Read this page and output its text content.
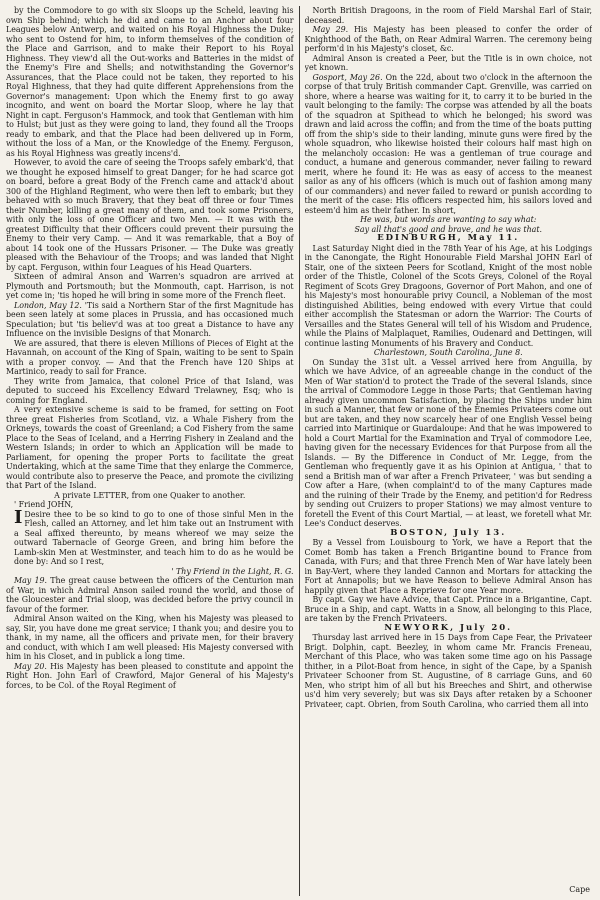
by the Commodore to go with six Sloops up the Scheld, leaving his own Ship behind; which he did and came to an Anchor about four Leagues below Antwerp, and waited on his Royal Highness the Duke; who sent to Ostend for him, to inform themselves of the condition of the Place and Garrison, and to make their Report to his Royal Highness. They view'd all the Out-works and Batteries in the midst of the Enemy's Fire and Shells; and notwithstanding the Governor's Assurances, that the Place could not be taken, they reported to his Royal Highness, that they had quite different Apprehensions from the Governor's management: Upon which the Enemy first to go away incognito, and went on board the Mortar Sloop, where he lay that Night in capt. Ferguson's Hammock, and took that Gentleman with him to Hulst; but just as they were going to land, they found all the Troops ready to embark, and that the Place had been delivered up in Form, without the loss of a Man, or the Knowledge of the Enemy. Ferguson, as his Royal Highness was greatly incens'd.

However, to avoid the care of seeing the Troops safely embark'd, that we thought he exposed himself to great Danger; for he had scarce got on board, before a great Body of the French came and attack'd about 300 of the Highland Regiment, who were then left to embark; but they behaved with so much Bravery, that they beat off three or four Times their Number, killing a great many of them, and took some Prisoners, with only the loss of one Officer and two Men. — It was with the greatest Difficulty that their Officers could prevent their pursuing the Enemy to their very Camp. — And it was remarkable, that a Boy of about 14 took one of the Hussars Prisoner. — The Duke was greatly pleased with the Behaviour of the Troops; and was landed that Night by capt. Ferguson, within four Leagues of his Head Quarters.

Sixteen of admiral Anson and Warren's squadron are arrived at Plymouth and Portsmouth; but the Monmouth, capt. Harrison, is not yet come in; 'tis hoped he will bring in some more of the French fleet.

London, May 12. 'Tis said a Northern Star of the first Magnitude has been seen lately at some places in Prussia, and has occasioned much Speculation; but 'tis believ'd was at too great a Distance to have any Influence on the invisible Designs of that Monarch.

We are assured, that there is eleven Millions of Pieces of Eight at the Havannah, on account of the King of Spain, waiting to be sent to Spain with a proper convoy. — And that the French have 120 Ships at Martinico, ready to sail for France.

They write from Jamaica, that colonel Price of that Island, was deputed to succeed his Excellency Edward Trelawney, Esq; who is coming for England.

A very extensive scheme is said to be framed, for setting on Foot three great Fisheries from Scotland, viz. a Whale Fishery from the Orkneys, towards the coast of Greenland; a Cod Fishery from the same Place to the Seas of Iceland, and a Herring Fishery in Zealand and the Western Islands; in order to which an Application will be made to Parliament, for opening the proper Ports to facilitate the great Undertaking, which at the same Time that they enlarge the Commerce, would contribute also to preserve the Peace, and promote the civilizing that Part of the Island.

A private LETTER, from one Quaker to another.

' Friend JOHN,

I Desire thee to be so kind to go to one of those sinful Men in the Flesh, called an Attorney, and let him take out an Instrument with a Seal affixed thereunto, by means whereof we may seize the outward Tabernacle of George Green, and bring him before the Lamb-skin Men at Westminster, and teach him to do as he would be done by: And so I rest,

' Thy Friend in the Light, R. G.

May 19. The great cause between the officers of the Centurion man of War, in which Admiral Anson sailed round the world, and those of the Gloucester and Trial sloop, was decided before the privy council in favour of the former.

Admiral Anson waited on the King, when his Majesty was pleased to say, Sir, you have done me great service; I thank you; and desire you to thank, in my name, all the officers and private men, for their bravery and conduct, with which I am well pleased: His Majesty conversed with him in his Closet, and in publick a long time.

May 20. His Majesty has been pleased to constitute and appoint the Right Hon. John Earl of Crawford, Major General of his Majesty's forces, to be Col. of the Royal Regiment of

North British Dragoons, in the room of Field Marshal Earl of Stair, deceased.

May 29. His Majesty has been pleased to confer the order of Knighthood of the Bath, on Rear Admiral Warren. The ceremony being perform'd in his Majesty's closet, &c.

Admiral Anson is created a Peer, but the Title is in own choice, not yet known.

Gosport, May 26. On the 22d, about two o'clock in the afternoon the corpse of that truly British commander Capt. Grenville, was carried on shore, where a hearse was waiting for it, to carry it to be buried in the vault belonging to the family: The corpse was attended by all the boats of the squadron at Spithead to which he belonged; his sword was drawn and laid across the coffin; and from the time of the boats putting off from the ship's side to their landing, minute guns were fired by the whole squadron, who likewise hoisted their colours half mast high on the melancholy occasion: He was a gentleman of true courage and conduct, a humane and generous commander, never failing to reward merit, where he found it: He was as easy of access to the meanest sailor as any of his officers (which is much out of fashion among many of our commanders) and never failed to reward or punish according to the merit of the case: His officers respected him, his sailors loved and esteem'd him as their father. In short,

He was, but words are wanting to say what:

Say all that's good and brave, and he was that.

EDINBURGH, May 11.

Last Saturday Night died in the 78th Year of his Age, at his Lodgings in the Canongate, the Right Honourable Field Marshal JOHN Earl of Stair, one of the sixteen Peers for Scotland, Knight of the most noble order of the Thistle, Colonel of the Scots Greys, Colonel of the Royal Regiment of Scots Grey Dragoons, Governor of Port Mahon, and one of his Majesty's most honourable privy Council, a Nobleman of the most distinguished Abilities, being endowed with every Virtue that could either accomplish the Statesman or adorn the Warrior: The Courts of Versailles and the States General will tell of his Wisdom and Prudence, while the Plains of Malplaquet, Ramilies, Oudenard and Dettingen, will continue lasting Monuments of his Bravery and Conduct.

Charlestown, South Carolina, June 8.

On Sunday the 31st ult. a Vessel arrived here from Anguilla, by which we have Advice, of an agreeable change in the conduct of the Men of War station'd to protect the Trade of the several Islands, since the arrival of Commodore Legge in those Parts; that Gentleman having already given uncommon Satisfaction, by placing the Ships under him in such a Manner, that few or none of the Enemies Privateers come out but are taken, and they now scarcely hear of one English Vessel being carried into Martinique or Guardaloupe: And that he was impowered to hold a Court Martial for the Examination and Tryal of commodore Lee, having given for the necessary Evidences for that Purpose from all the Islands. — By the Difference in Conduct of Mr. Legge, from the Gentleman who frequently gave it as his Opinion at Antigua, ' that to send a British man of war after a French Privateer, ' was but sending a Cow after a Hare, (when complaint'd to of the many Captures made and the ruining of their Trade by the Enemy, and petition'd for Redress by sending out Cruizers to proper Stations) we may almost venture to foretell the Event of this Court Martial, — at least, we foretell what Mr. Lee's Conduct deserves.

BOSTON, July 13.

By a Vessel from Louisbourg to York, we have a Report that the Comet Bomb has taken a French Brigantine bound to France from Canada, with Furs; and that three French Men of War have lately been in Bay-Vert, where they landed Cannon and Mortars for attacking the Fort at Annapolis; but we have Reason to believe Admiral Anson has happily given that Place a Reprieve for one Year more.

By capt. Gay we have Advice, that Capt. Prince in a Brigantine, Capt. Bruce in a Ship, and capt. Watts in a Snow, all belonging to this Place, are taken by the French Privateers.

NEWYORK, July 20.

Thursday last arrived here in 15 Days from Cape Fear, the Privateer Brigt. Dolphin, capt. Beezley, in whom came Mr. Francis Freneau, Merchant of this Place, who was taken some time ago on his Passage thither, in a Pilot-Boat from hence, in sight of the Cape, by a Spanish Privateer Schooner from St. Augustine, of 8 carriage Guns, and 60 Men, who stript him of all but his Breeches and Shirt, and otherwise us'd him very severely; but was six Days after retaken by a Schooner Privateer, capt. Obrien, from South Carolina, who carried them all into

Cape
